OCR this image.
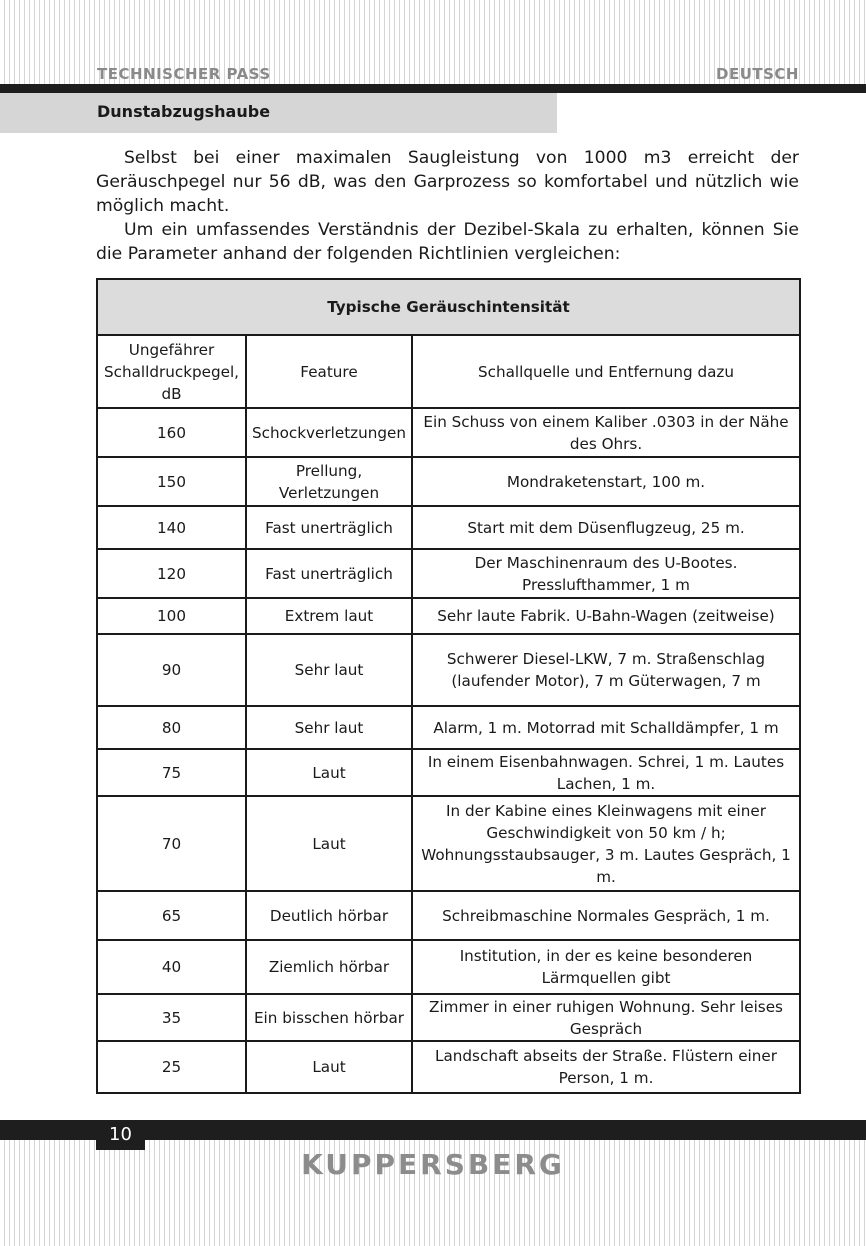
TECHNISCHER PASS	DEUTSCH
Dunstabzugshaube

Selbst bei einer maximalen Saugleistung von 1000 m3 erreicht der Geräuschpegel nur 56 dB, was den Garprozess so komfortabel und nützlich wie möglich macht.

Um ein umfassendes Verständnis der Dezibel-Skala zu erhalten, können Sie die Parameter anhand der folgenden Richtlinien vergleichen:

Typische Geräuschintensität		
Ungefährer Schalldruckpegel, dB	Feature	Schallquelle und Entfernung dazu
160	Schockverletzungen	Ein Schuss von einem Kaliber .0303 in der Nähe des Ohrs.
150	Prellung, Verletzungen	Mondraketenstart, 100 m.
140	Fast unerträglich	Start mit dem Düsenflugzeug, 25 m.
120	Fast unerträglich	Der Maschinenraum des U-Bootes. Presslufthammer, 1 m
100	Extrem laut	Sehr laute Fabrik. U-Bahn-Wagen (zeitweise)
90	Sehr laut	Schwerer Diesel-LKW, 7 m. Straßenschlag (laufender Motor), 7 m Güterwagen, 7 m
80	Sehr laut	Alarm, 1 m. Motorrad mit Schalldämpfer, 1 m
75	Laut	In einem Eisenbahnwagen. Schrei, 1 m. Lautes Lachen, 1 m.
70	Laut	In der Kabine eines Kleinwagens mit einer Geschwindigkeit von 50 km / h; Wohnungsstaubsauger, 3 m. Lautes Gespräch, 1 m.
65	Deutlich hörbar	Schreibmaschine Normales Gespräch, 1 m.
40	Ziemlich hörbar	Institution, in der es keine besonderen Lärmquellen gibt
35	Ein bisschen hörbar	Zimmer in einer ruhigen Wohnung. Sehr leises Gespräch
25	Laut	Landschaft abseits der Straße. Flüstern einer Person, 1 m.
10
KUPPERSBERG
